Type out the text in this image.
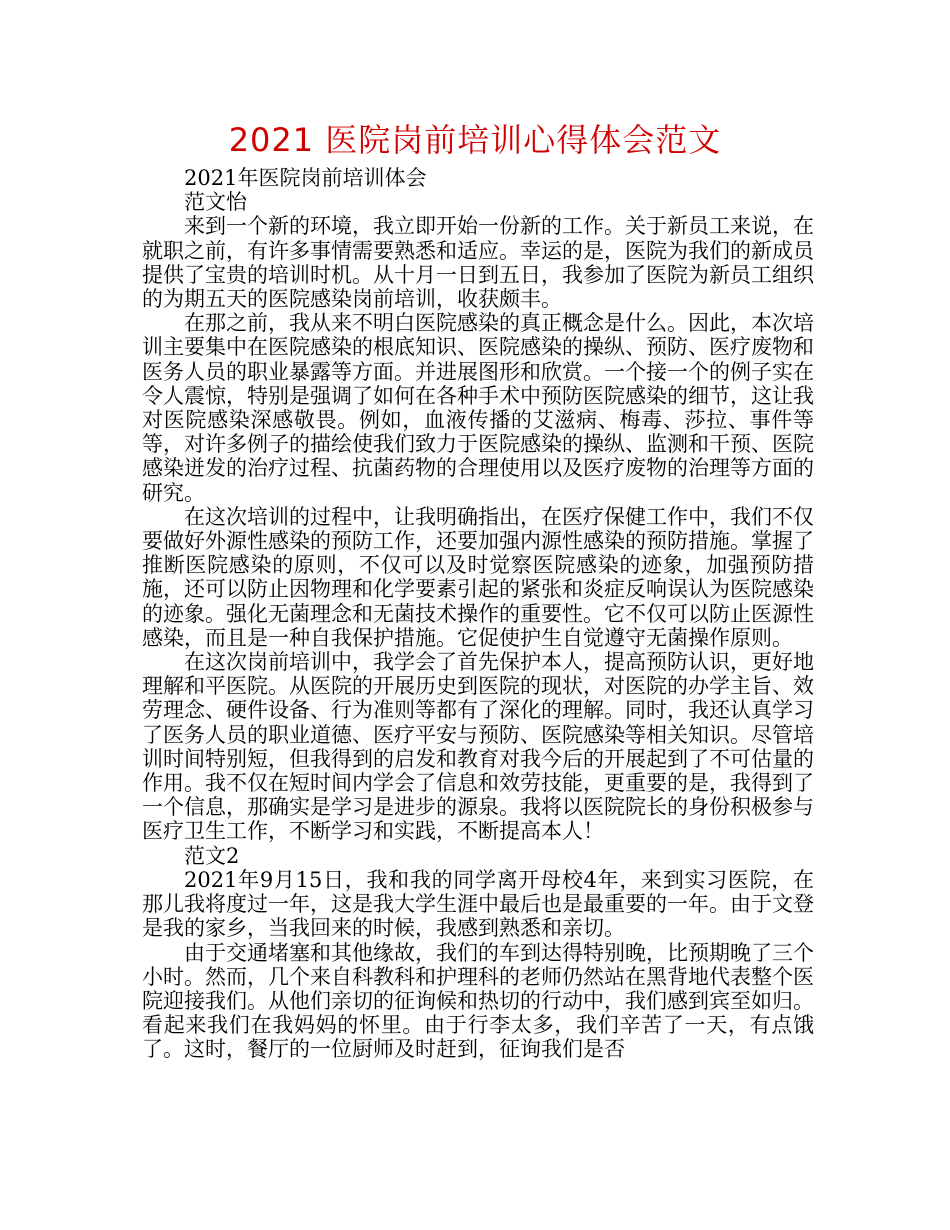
2021 医院岗前培训心得体会范文

2021年医院岗前培训体会

范文怡

来到一个新的环境，我立即开始一份新的工作。关于新员工来说，在就职之前，有许多事情需要熟悉和适应。幸运的是，医院为我们的新成员提供了宝贵的培训时机。从十月一日到五日，我参加了医院为新员工组织的为期五天的医院感染岗前培训，收获颇丰。

在那之前，我从来不明白医院感染的真正概念是什么。因此，本次培训主要集中在医院感染的根底知识、医院感染的操纵、预防、医疗废物和医务人员的职业暴露等方面。并进展图形和欣赏。一个接一个的例子实在令人震惊，特别是强调了如何在各种手术中预防医院感染的细节，这让我对医院感染深感敬畏。例如，血液传播的艾滋病、梅毒、莎拉、事件等等，对许多例子的描绘使我们致力于医院感染的操纵、监测和干预、医院感染迸发的治疗过程、抗菌药物的合理使用以及医疗废物的治理等方面的研究。

在这次培训的过程中，让我明确指出，在医疗保健工作中，我们不仅要做好外源性感染的预防工作，还要加强内源性感染的预防措施。掌握了推断医院感染的原则，不仅可以及时觉察医院感染的迹象，加强预防措施，还可以防止因物理和化学要素引起的紧张和炎症反响误认为医院感染的迹象。强化无菌理念和无菌技术操作的重要性。它不仅可以防止医源性感染，而且是一种自我保护措施。它促使护生自觉遵守无菌操作原则。

在这次岗前培训中，我学会了首先保护本人，提高预防认识，更好地理解和平医院。从医院的开展历史到医院的现状，对医院的办学主旨、效劳理念、硬件设备、行为准则等都有了深化的理解。同时，我还认真学习了医务人员的职业道德、医疗平安与预防、医院感染等相关知识。尽管培训时间特别短，但我得到的启发和教育对我今后的开展起到了不可估量的作用。我不仅在短时间内学会了信息和效劳技能，更重要的是，我得到了一个信息，那确实是学习是进步的源泉。我将以医院院长的身份积极参与医疗卫生工作，不断学习和实践，不断提高本人！

范文2

2021年9月15日，我和我的同学离开母校4年，来到实习医院，在那儿我将度过一年，这是我大学生涯中最后也是最重要的一年。由于文登是我的家乡，当我回来的时候，我感到熟悉和亲切。

由于交通堵塞和其他缘故，我们的车到达得特别晚，比预期晚了三个小时。然而，几个来自科教科和护理科的老师仍然站在黑背地代表整个医院迎接我们。从他们亲切的征询候和热切的行动中，我们感到宾至如归。看起来我们在我妈妈的怀里。由于行李太多，我们辛苦了一天，有点饿了。这时，餐厅的一位厨师及时赶到，征询我们是否
